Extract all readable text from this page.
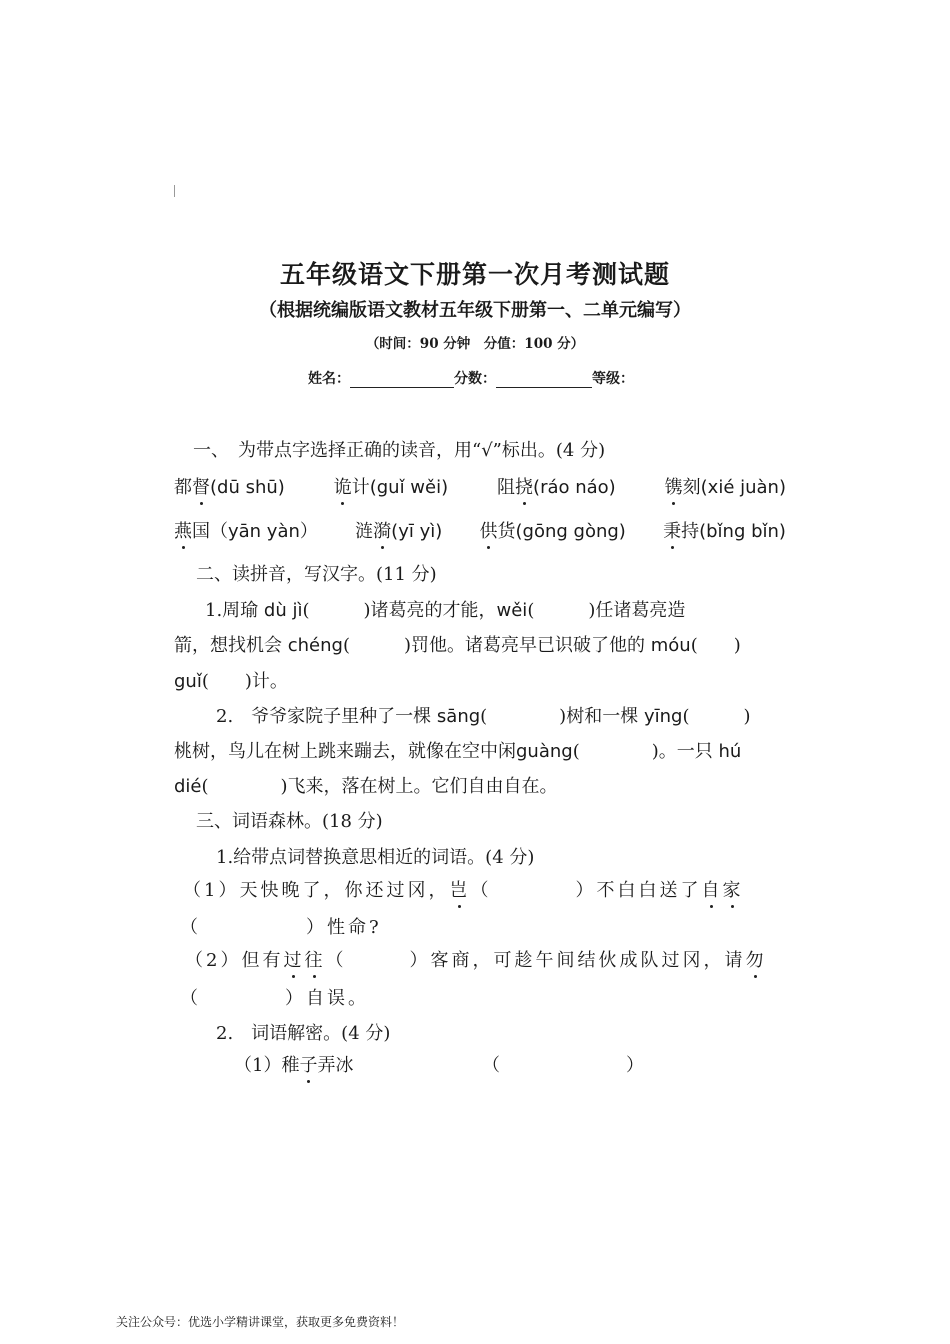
五年级语文下册第一次月考测试题
（根据统编版语文教材五年级下册第一、二单元编写）
（时间：90 分钟　分值：100 分）
姓名：	分数：	等级：
一、　为带点字选择正确的读音，用“√”标出。(4 分)
都督(dū shū)	诡计(guǐ wěi)	阻挠(ráo náo)	镌刻(xié juàn)
燕国（yān yàn） 涟漪(yī yì) 供货(gōng gòng) 秉持(bǐng bǐn)
二、读拼音，写汉字。(11 分)
1.周瑜 dù jì(　　　)诸葛亮的才能，wěi(　　　)任诸葛亮造
箭，想找机会 chéng(　　　)罚他。诸葛亮早已识破了他的 móu(　　)
guǐ(　　)计。
2.　爷爷家院子里种了一棵 sāng(　　　　)树和一棵 yīng(　　　)
桃树，鸟儿在树上跳来蹦去，就像在空中闲guàng(　　　　)。一只 hú
dié(　　　　)飞来，落在树上。它们自由自在。
三、词语森林。(18 分)
1.给带点词替换意思相近的词语。(4 分)
（1）天快晚了，你还过冈，岂（　　　　）不白白送了自家
（　　　　　）性命?
（2）但有过往（　　　）客商，可趁午间结伙成队过冈，请勿
（　　　　）自误。
2.　词语解密。(4 分)
（1）稚子弄冰	（　　　　　　　）
关注公众号：优选小学精讲课堂，获取更多免费资料！
